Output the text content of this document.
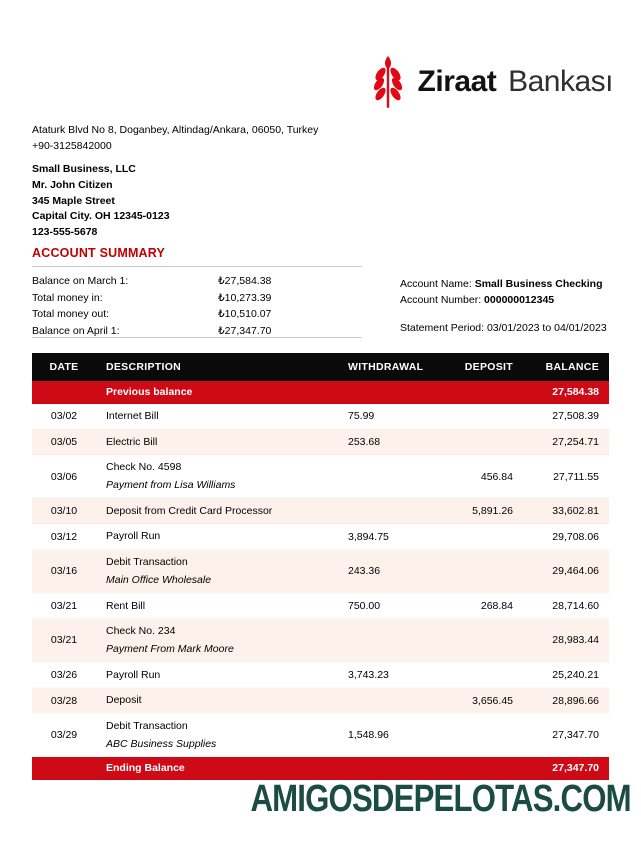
Ziraat Bankası
Ataturk Blvd No 8, Doganbey, Altindag/Ankara, 06050, Turkey
+90-3125842000
Small Business, LLC
Mr. John Citizen
345 Maple Street
Capital City. OH 12345-0123
123-555-5678
ACCOUNT SUMMARY
Balance on March 1:	₺27,584.38
Total money in:	₺10,273.39
Total money out:	₺10,510.07
Balance on April 1:	₺27,347.70
Account Name: Small Business Checking
Account Number: 000000012345
Statement Period: 03/01/2023 to 04/01/2023
DATE	DESCRIPTION	WITHDRAWAL	DEPOSIT	BALANCE
	Previous balance			27,584.38
03/02	Internet Bill	75.99		27,508.39
03/05	Electric Bill	253.68		27,254.71
03/06	Check No. 4598
Payment from Lisa Williams		456.84	27,711.55
03/10	Deposit from Credit Card Processor		5,891.26	33,602.81
03/12	Payroll Run	3,894.75		29,708.06
03/16	Debit Transaction
Main Office Wholesale	243.36		29,464.06
03/21	Rent Bill	750.00	268.84	28,714.60
03/21	Check No. 234
Payment From Mark Moore			28,983.44
03/26	Payroll Run	3,743.23		25,240.21
03/28	Deposit		3,656.45	28,896.66
03/29	Debit Transaction
ABC Business Supplies	1,548.96		27,347.70
	Ending Balance			27,347.70
AMIGOSDEPELOTAS.COM
